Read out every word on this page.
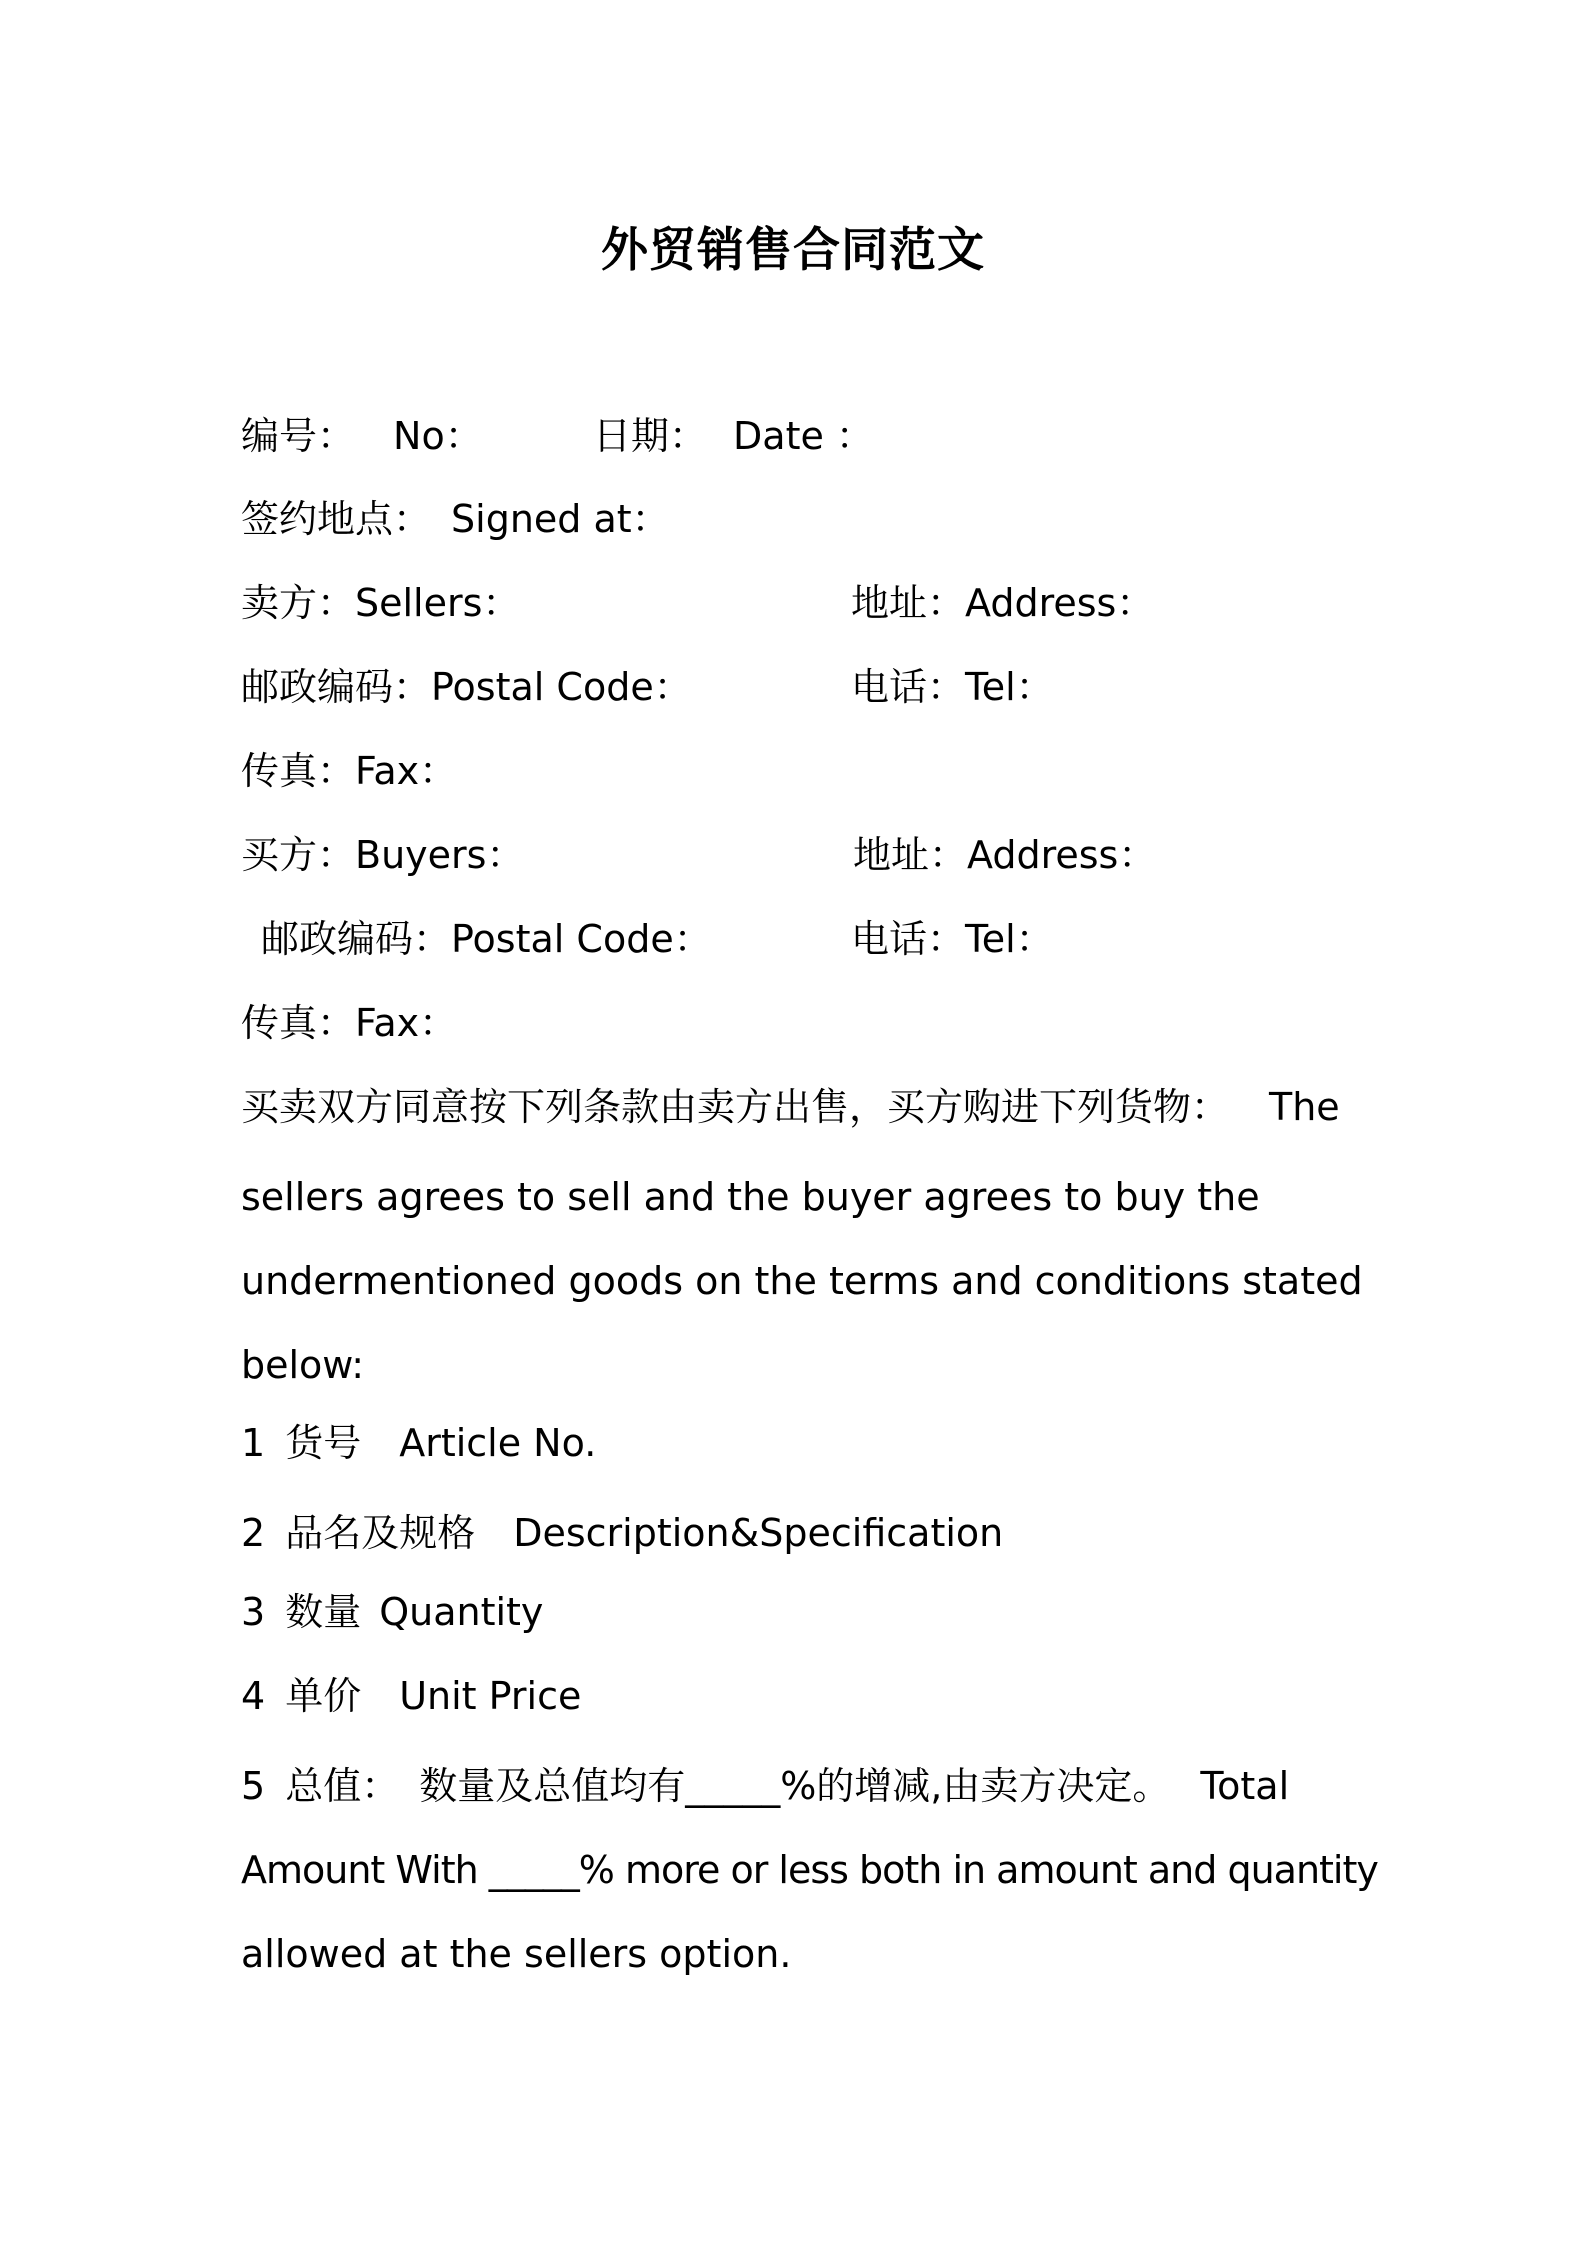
外贸销售合同范文
编号： No：	日期： Date ：
签约地点： Signed at：
卖方：Sellers：	地址：Address：
邮政编码：Postal Code：	电话：Tel：
传真：Fax：
买方：Buyers：	地址：Address：
邮政编码：Postal Code：	电话：Tel：
传真：Fax：
买卖双方同意按下列条款由卖方出售，买方购进下列货物： The
sellers agrees to sell and the buyer agrees to buy the
undermentioned goods on the terms and conditions stated
below:
1 货号 Article No.
2 品名及规格 Description&Specification
3 数量 Quantity
4 单价 Unit Price
5 总值： 数量及总值均有_____%的增减,由卖方决定。 Total
Amount With _____% more or less both in amount and quantity
allowed at the sellers option.
